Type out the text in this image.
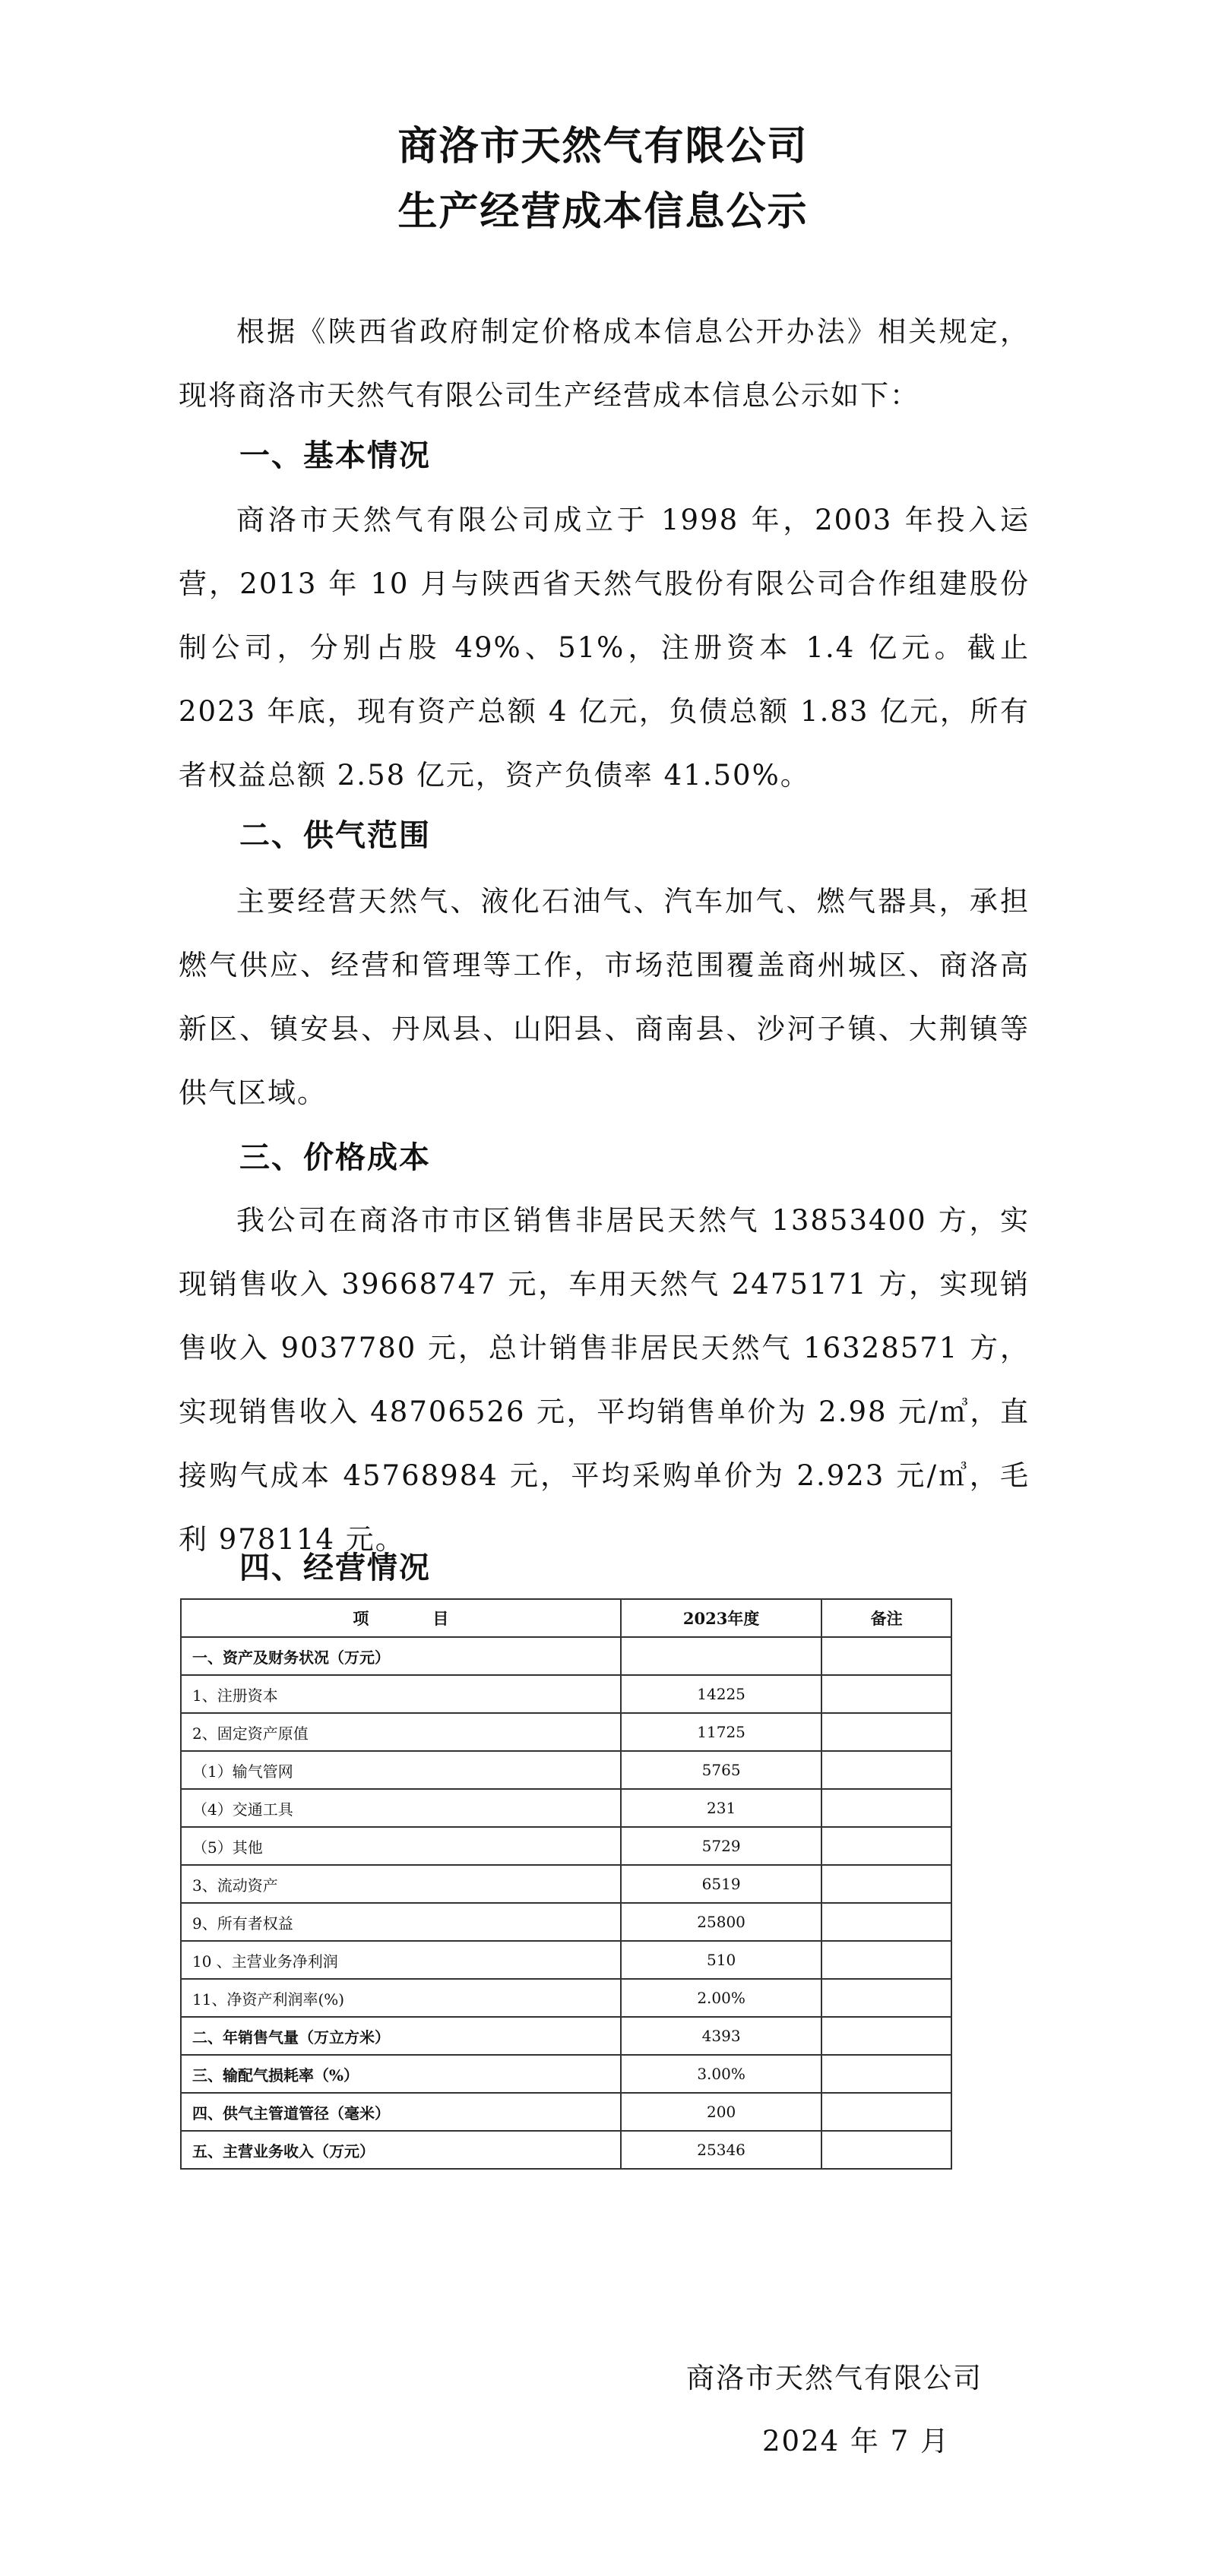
商洛市天然气有限公司
生产经营成本信息公示
根据《陕西省政府制定价格成本信息公开办法》相关规定，现将商洛市天然气有限公司生产经营成本信息公示如下：
一、基本情况
商洛市天然气有限公司成立于 1998 年，2003 年投入运营，2013 年 10 月与陕西省天然气股份有限公司合作组建股份制公司，分别占股 49%、51%，注册资本 1.4 亿元。截止 2023 年底，现有资产总额 4 亿元，负债总额 1.83 亿元，所有者权益总额 2.58 亿元，资产负债率 41.50%。
二、供气范围
主要经营天然气、液化石油气、汽车加气、燃气器具，承担燃气供应、经营和管理等工作，市场范围覆盖商州城区、商洛高新区、镇安县、丹凤县、山阳县、商南县、沙河子镇、大荆镇等供气区域。
三、价格成本
我公司在商洛市市区销售非居民天然气 13853400 方，实现销售收入 39668747 元，车用天然气 2475171 方，实现销售收入 9037780 元，总计销售非居民天然气 16328571 方，实现销售收入 48706526 元，平均销售单价为 2.98 元/㎥，直接购气成本 45768984 元，平均采购单价为 2.923 元/㎥，毛利 978114 元。
四、经营情况
项　　　　目	2023年度	备注
一、资产及财务状况（万元）		
1、注册资本	14225	
2、固定资产原值	11725	
（1）输气管网	5765	
（4）交通工具	231	
（5）其他	5729	
3、流动资产	6519	
9、所有者权益	25800	
10 、主营业务净利润	510	
11、净资产利润率(%)	2.00%	
二、年销售气量（万立方米）	4393	
三、输配气损耗率（%）	3.00%	
四、供气主管道管径（毫米）	200	
五、主营业务收入（万元）	25346	
商洛市天然气有限公司
2024 年 7 月
